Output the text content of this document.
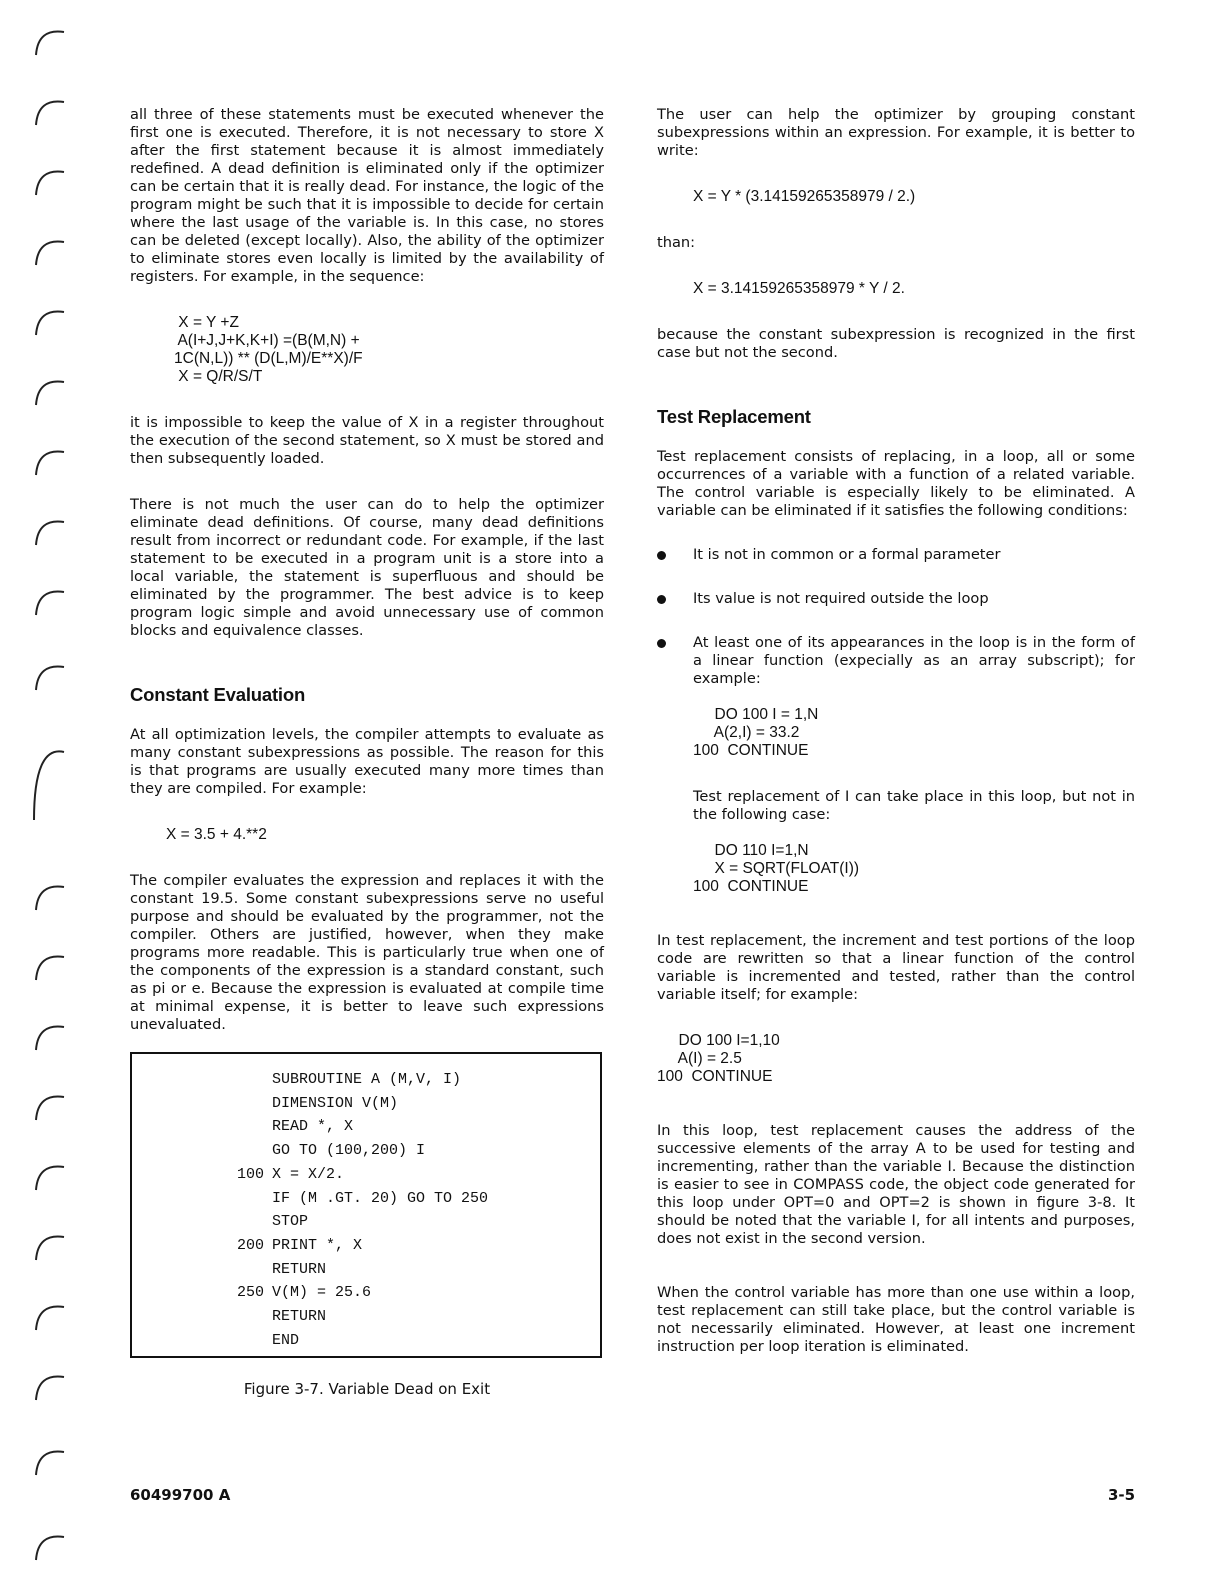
all three of these statements must be executed whenever the first one is executed. Therefore, it is not necessary to store X after the first statement because it is almost immediately redefined. A dead definition is eliminated only if the optimizer can be certain that it is really dead. For instance, the logic of the program might be such that it is impossible to decide for certain where the last usage of the variable is. In this case, no stores can be deleted (except locally). Also, the ability of the optimizer to eliminate stores even locally is limited by the availability of registers. For example, in the sequence:

X = Y +Z
A(I+J,J+K,K+I) =(B(M,N) +
1C(N,L)) ** (D(L,M)/E**X)/F
X = Q/R/S/T

it is impossible to keep the value of X in a register throughout the execution of the second statement, so X must be stored and then subsequently loaded.

There is not much the user can do to help the optimizer eliminate dead definitions. Of course, many dead definitions result from incorrect or redundant code. For example, if the last statement to be executed in a program unit is a store into a local variable, the statement is superfluous and should be eliminated by the programmer. The best advice is to keep program logic simple and avoid unnecessary use of common blocks and equivalence classes.

Constant Evaluation

At all optimization levels, the compiler attempts to evaluate as many constant subexpressions as possible. The reason for this is that programs are usually executed many more times than they are compiled. For example:

X = 3.5 + 4.**2

The compiler evaluates the expression and replaces it with the constant 19.5. Some constant subexpressions serve no useful purpose and should be evaluated by the programmer, not the compiler. Others are justified, however, when they make programs more readable. This is particularly true when one of the components of the expression is a standard constant, such as pi or e. Because the expression is evaluated at compile time at minimal expense, it is better to leave such expressions unevaluated.

SUBROUTINE A (M,V, I)
DIMENSION V(M)
READ *, X
GO TO (100,200) I
100 X = X/2.
IF (M .GT. 20) GO TO 250
STOP
200 PRINT *, X
RETURN
250 V(M) = 25.6
RETURN
END
Figure 3-7. Variable Dead on Exit

The user can help the optimizer by grouping constant subexpressions within an expression. For example, it is better to write:

X = Y * (3.14159265358979 / 2.)

than:

X = 3.14159265358979 * Y / 2.

because the constant subexpression is recognized in the first case but not the second.

Test Replacement

Test replacement consists of replacing, in a loop, all or some occurrences of a variable with a function of a related variable. The control variable is especially likely to be eliminated. A variable can be eliminated if it satisfies the following conditions:

It is not in common or a formal parameter
Its value is not required outside the loop
At least one of its appearances in the loop is in the form of a linear function (expecially as an array subscript); for example:
DO 100 I = 1,N
A(2,I) = 33.2
100  CONTINUE

Test replacement of I can take place in this loop, but not in the following case:

DO 110 I=1,N
X = SQRT(FLOAT(I))
100  CONTINUE

In test replacement, the increment and test portions of the loop code are rewritten so that a linear function of the control variable is incremented and tested, rather than the control variable itself; for example:

DO 100 I=1,10
A(I) = 2.5
100  CONTINUE

In this loop, test replacement causes the address of the successive elements of the array A to be used for testing and incrementing, rather than the variable I. Because the distinction is easier to see in COMPASS code, the object code generated for this loop under OPT=0 and OPT=2 is shown in figure 3-8. It should be noted that the variable I, for all intents and purposes, does not exist in the second version.

When the control variable has more than one use within a loop, test replacement can still take place, but the control variable is not necessarily eliminated. However, at least one increment instruction per loop iteration is eliminated.

60499700 A	3-5
